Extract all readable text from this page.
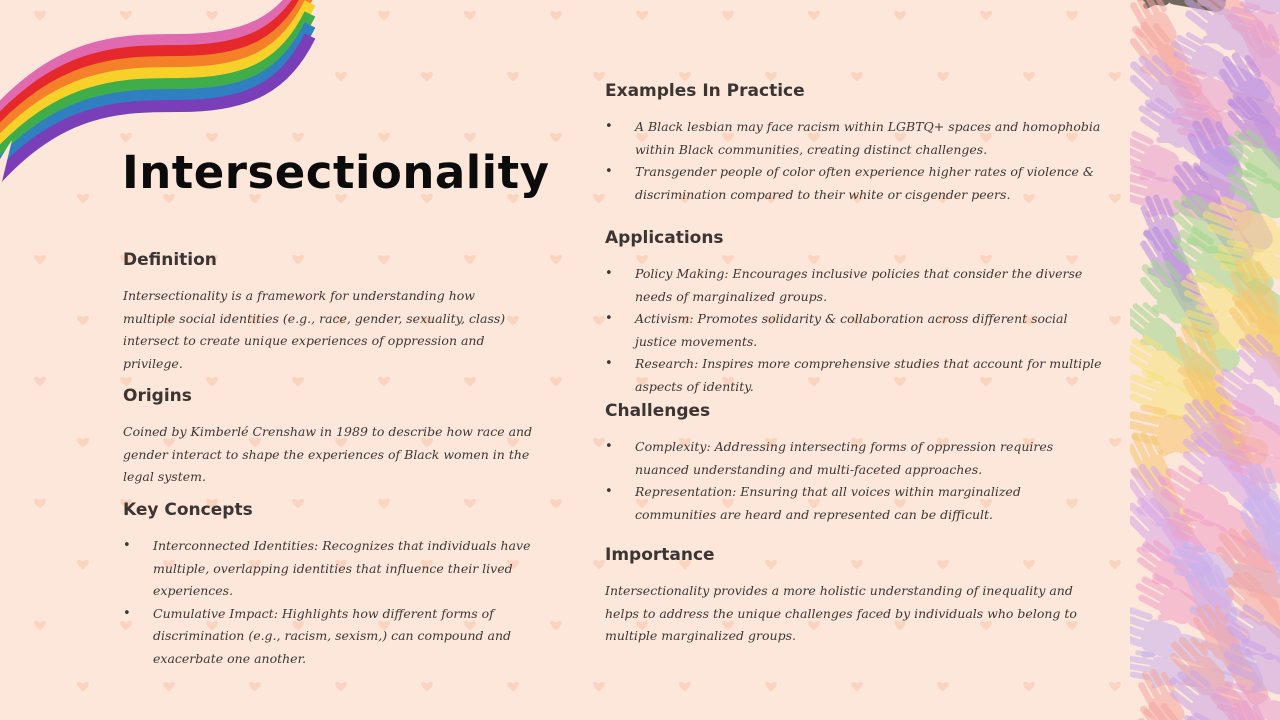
Intersectionality
Definition
Intersectionality is a framework for understanding how multiple social identities (e.g., race, gender, sexuality, class) intersect to create unique experiences of oppression and privilege.
Origins
Coined by Kimberlé Crenshaw in 1989 to describe how race and gender interact to shape the experiences of Black women in the legal system.
Key Concepts
• Interconnected Identities: Recognizes that individuals have multiple, overlapping identities that influence their lived experiences.
• Cumulative Impact: Highlights how different forms of discrimination (e.g., racism, sexism,) can compound and exacerbate one another.
Examples In Practice
• A Black lesbian may face racism within LGBTQ+ spaces and homophobia within Black communities, creating distinct challenges.
• Transgender people of color often experience higher rates of violence & discrimination compared to their white or cisgender peers.
Applications
• Policy Making: Encourages inclusive policies that consider the diverse needs of marginalized groups.
• Activism: Promotes solidarity & collaboration across different social justice movements.
• Research: Inspires more comprehensive studies that account for multiple aspects of identity.
Challenges
• Complexity: Addressing intersecting forms of oppression requires nuanced understanding and multi-faceted approaches.
• Representation: Ensuring that all voices within marginalized communities are heard and represented can be difficult.
Importance
Intersectionality provides a more holistic understanding of inequality and helps to address the unique challenges faced by individuals who belong to multiple marginalized groups.
